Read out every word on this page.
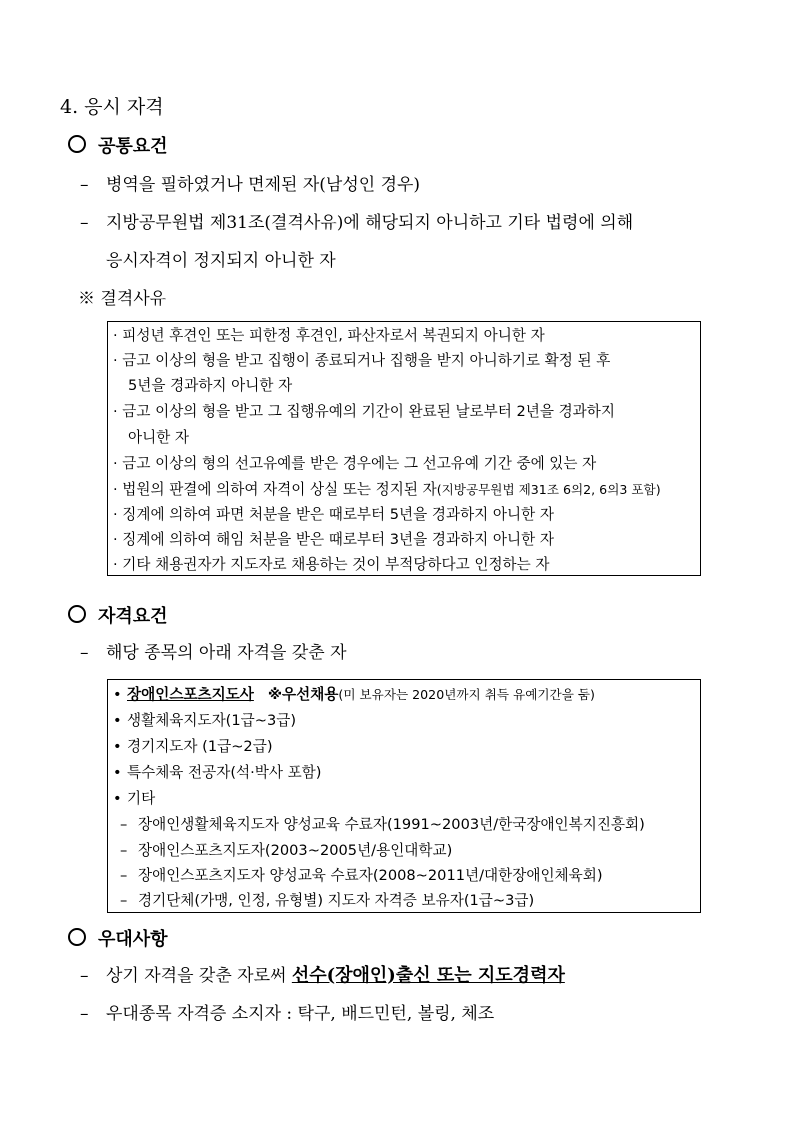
4. 응시 자격
공통요건
– 병역을 필하였거나 면제된 자(남성인 경우)
– 지방공무원법 제31조(결격사유)에 해당되지 아니하고 기타 법령에 의해
응시자격이 정지되지 아니한 자
※ 결격사유
· 피성년 후견인 또는 피한정 후견인, 파산자로서 복권되지 아니한 자
· 금고 이상의 형을 받고 집행이 종료되거나 집행을 받지 아니하기로 확정 된 후
5년을 경과하지 아니한 자
· 금고 이상의 형을 받고 그 집행유예의 기간이 완료된 날로부터 2년을 경과하지
아니한 자
· 금고 이상의 형의 선고유예를 받은 경우에는 그 선고유예 기간 중에 있는 자
· 법원의 판결에 의하여 자격이 상실 또는 정지된 자(지방공무원법 제31조 6의2, 6의3 포함)
· 징계에 의하여 파면 처분을 받은 때로부터 5년을 경과하지 아니한 자
· 징계에 의하여 해임 처분을 받은 때로부터 3년을 경과하지 아니한 자
· 기타 채용권자가 지도자로 채용하는 것이 부적당하다고 인정하는 자
자격요건
– 해당 종목의 아래 자격을 갖춘 자
• 장애인스포츠지도사 ※우선채용(미 보유자는 2020년까지 취득 유예기간을 둠)
• 생활체육지도자(1급~3급)
• 경기지도자 (1급~2급)
• 특수체육 전공자(석·박사 포함)
• 기타
– 장애인생활체육지도자 양성교육 수료자(1991~2003년/한국장애인복지진흥회)
– 장애인스포츠지도자(2003~2005년/용인대학교)
– 장애인스포츠지도자 양성교육 수료자(2008~2011년/대한장애인체육회)
– 경기단체(가맹, 인정, 유형별) 지도자 자격증 보유자(1급~3급)
우대사항
– 상기 자격을 갖춘 자로써 선수(장애인)출신 또는 지도경력자
– 우대종목 자격증 소지자 : 탁구, 배드민턴, 볼링, 체조
